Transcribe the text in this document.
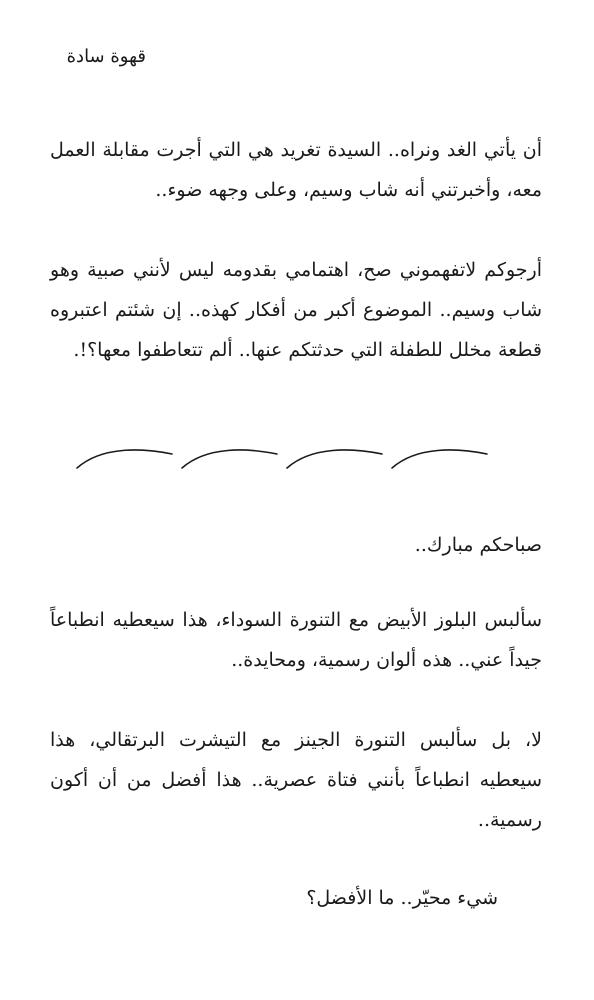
قهوة سادة
أن يأتي الغد ونراه.. السيدة تغريد هي التي أجرت مقابلة العمل معه، وأخبرتني أنه شاب وسيم، وعلى وجهه ضوء..
أرجوكم لاتفهموني صح، اهتمامي بقدومه ليس لأنني صبية وهو شاب وسيم.. الموضوع أكبر من أفكار كهذه.. إن شئتم اعتبروه قطعة مخلل للطفلة التي حدثتكم عنها.. ألم تتعاطفوا معها؟!.
صباحكم مبارك..
سألبس البلوز الأبيض مع التنورة السوداء، هذا سيعطيه انطباعاً جيداً عني.. هذه ألوان رسمية، ومحايدة..
لا، بل سألبس التنورة الجينز مع التيشرت البرتقالي، هذا سيعطيه انطباعاً بأنني فتاة عصرية.. هذا أفضل من أن أكون رسمية..
شيء محيّر.. ما الأفضل؟
